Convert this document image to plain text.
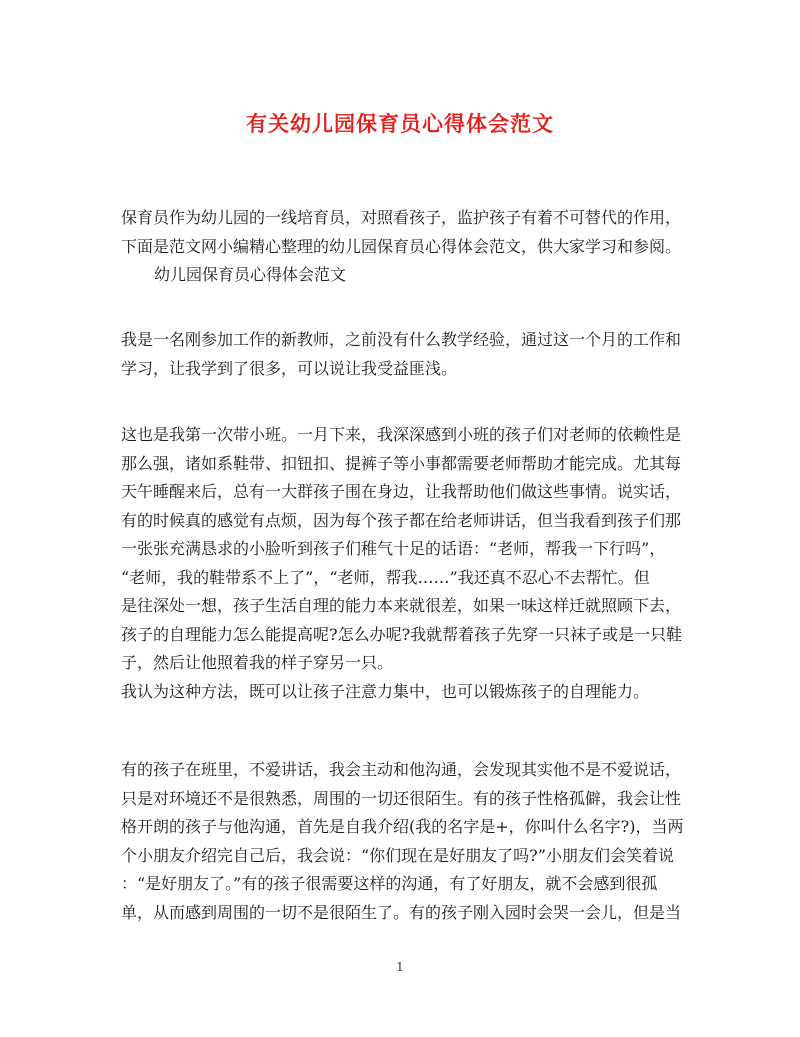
有关幼儿园保育员心得体会范文
保育员作为幼儿园的一线培育员，对照看孩子，监护孩子有着不可替代的作用，
下面是范文网小编精心整理的幼儿园保育员心得体会范文，供大家学习和参阅。
幼儿园保育员心得体会范文
我是一名刚参加工作的新教师，之前没有什么教学经验，通过这一个月的工作和
学习，让我学到了很多，可以说让我受益匪浅。
这也是我第一次带小班。一月下来，我深深感到小班的孩子们对老师的依赖性是
那么强，诸如系鞋带、扣钮扣、提裤子等小事都需要老师帮助才能完成。尤其每
天午睡醒来后，总有一大群孩子围在身边，让我帮助他们做这些事情。说实话，
有的时候真的感觉有点烦，因为每个孩子都在给老师讲话，但当我看到孩子们那
一张张充满恳求的小脸听到孩子们稚气十足的话语：“老师，帮我一下行吗”，
“老师，我的鞋带系不上了”，“老师，帮我……”我还真不忍心不去帮忙。但
是往深处一想，孩子生活自理的能力本来就很差，如果一味这样迁就照顾下去，
孩子的自理能力怎么能提高呢?怎么办呢?我就帮着孩子先穿一只袜子或是一只鞋
子，然后让他照着我的样子穿另一只。
我认为这种方法，既可以让孩子注意力集中，也可以锻炼孩子的自理能力。
有的孩子在班里，不爱讲话，我会主动和他沟通，会发现其实他不是不爱说话，
只是对环境还不是很熟悉，周围的一切还很陌生。有的孩子性格孤僻，我会让性
格开朗的孩子与他沟通，首先是自我介绍(我的名字是+，你叫什么名字?)，当两
个小朋友介绍完自己后，我会说：“你们现在是好朋友了吗?”小朋友们会笑着说
：“是好朋友了。”有的孩子很需要这样的沟通，有了好朋友，就不会感到很孤
单，从而感到周围的一切不是很陌生了。有的孩子刚入园时会哭一会儿，但是当
1
